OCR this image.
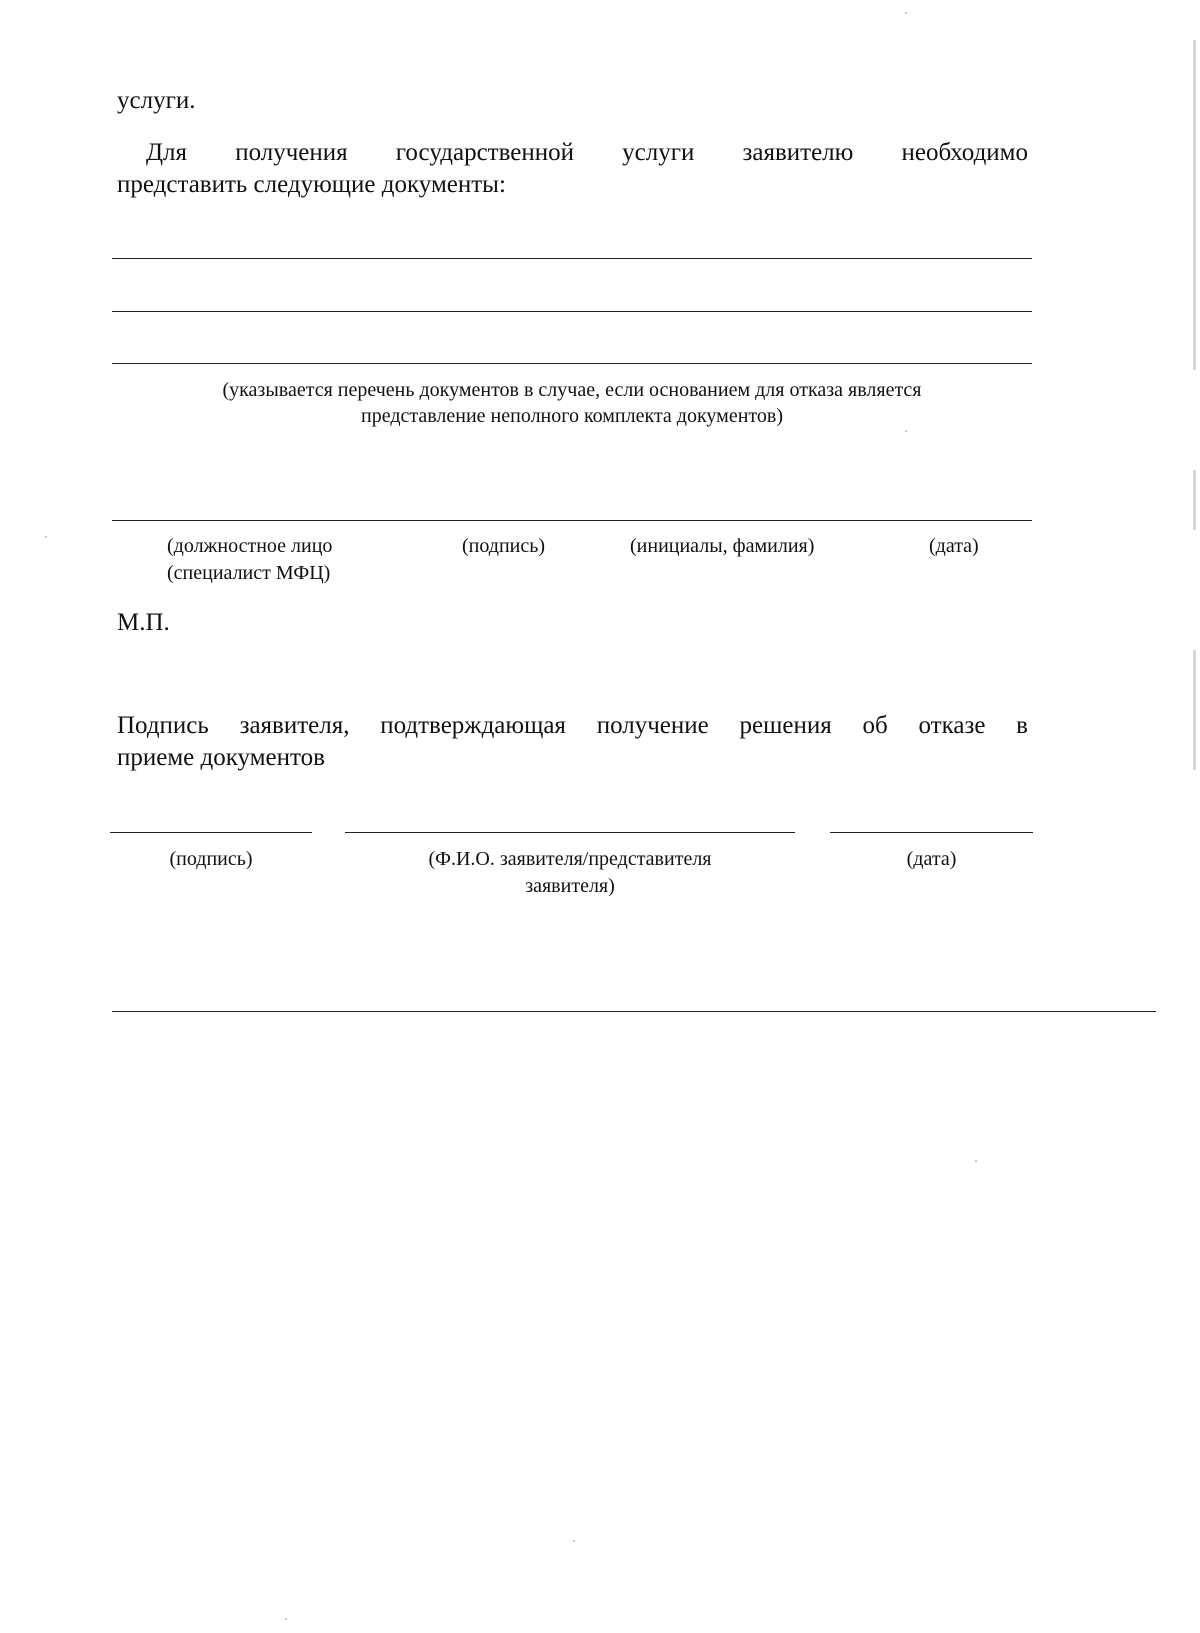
услуги.
Для получения государственной услуги заявителю необходимо
представить следующие документы:
(указывается перечень документов в случае, если основанием для отказа является
представление неполного комплекта документов)
(должностное лицо
(специалист МФЦ)
(подпись)	(инициалы, фамилия)	(дата)
М.П.
Подпись заявителя, подтверждающая получение решения об отказе в
приеме документов
(подпись)	(Ф.И.О. заявителя/представителя
заявителя)
(дата)
